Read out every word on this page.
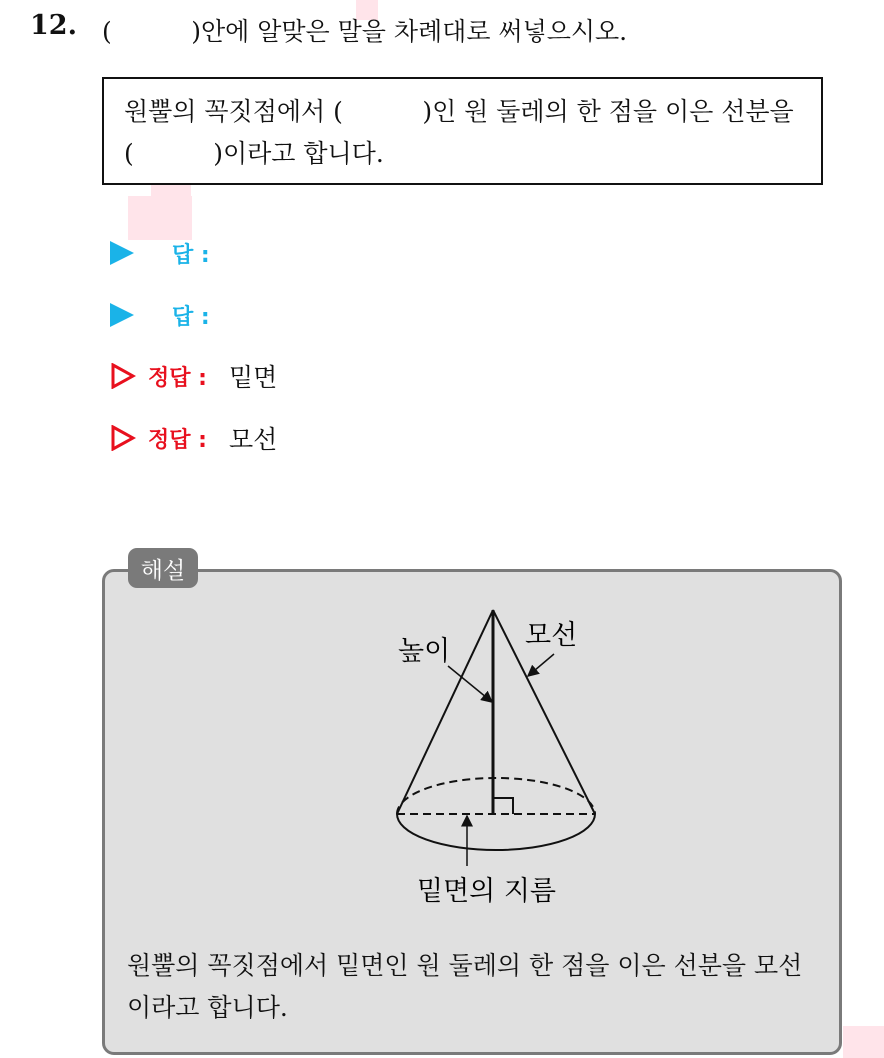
12. (          )안에 알맞은 말을 차례대로 써넣으시오.
원뿔의 꼭짓점에서 (          )인 원 둘레의 한 점을 이은 선분을
(          )이라고 합니다.
답 :
답 :
정답 : 밑면
정답 : 모선
해설
높이
모선
밑면의 지름
원뿔의 꼭짓점에서 밑면인 원 둘레의 한 점을 이은 선분을 모선
이라고 합니다.
